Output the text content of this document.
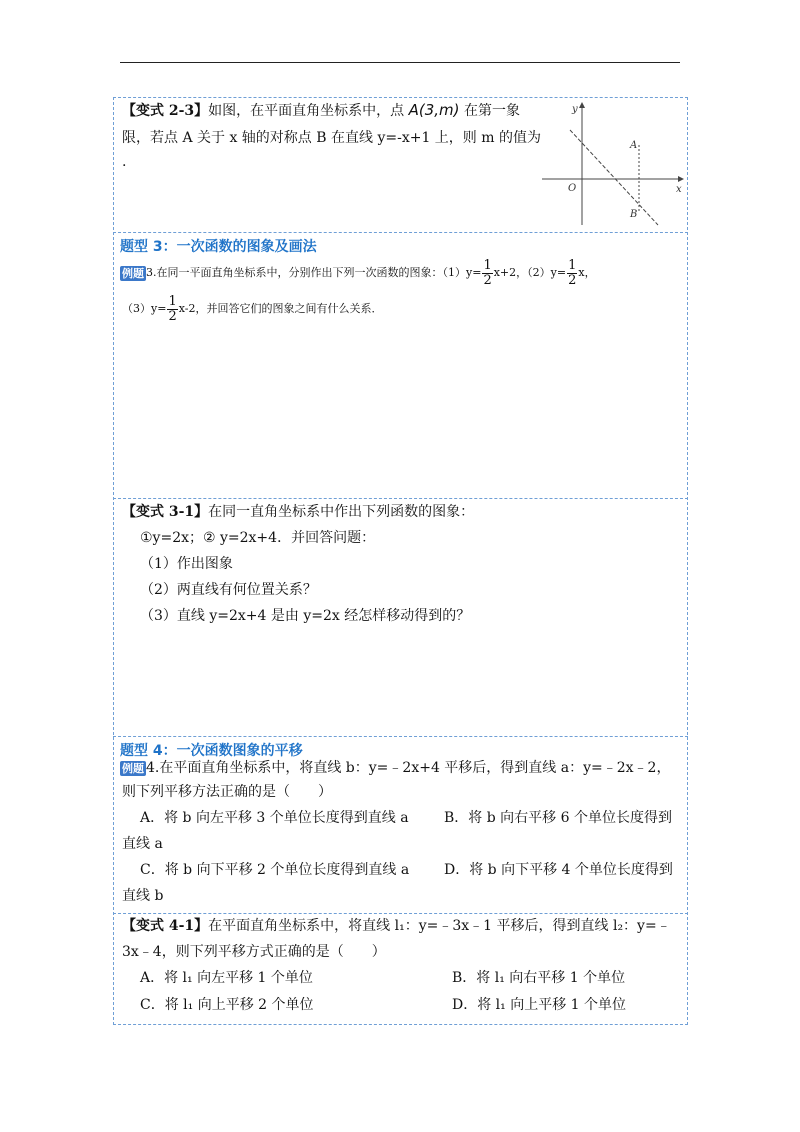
【变式 2-3】如图，在平面直角坐标系中，点 A(3,m) 在第一象
限，若点 A 关于 x 轴的对称点 B 在直线 y=-x+1 上，则 m 的值为
.
y
x
O
A
B
题型 3：一次函数的图象及画法
例题 3.在同一平面直角坐标系中，分别作出下列一次函数的图象：$(1)y= \frac{1}{2} x+2$，$(2)y= \frac{1}{2}$ x，
$(3)y= \frac{1}{2} x-2$，并回答它们的图象之间有什么关系．
【变式 3-1】在同一直角坐标系中作出下列函数的图象：
①y=2x；② y=2x+4．并回答问题：
（1）作出图象
（2）两直线有何位置关系？
（3）直线 y=2x+4 是由 y=2x 经怎样移动得到的？
题型 4：一次函数图象的平移
例题 4.在平面直角坐标系中，将直线 b：y=﹣2x+4 平移后，得到直线 a：y=﹣2x﹣2，
则下列平移方法正确的是（　　）
A．将 b 向左平移 3 个单位长度得到直线 a	B．将 b 向右平移 6 个单位长度得到
直线 a
C．将 b 向下平移 2 个单位长度得到直线 a D．将 b 向下平移 4 个单位长度得到
直线 b
【变式 4-1】在平面直角坐标系中，将直线 l₁：y=﹣3x﹣1 平移后，得到直线 l₂：y=﹣
3x﹣4，则下列平移方式正确的是（　　）
A．将 l₁ 向左平移 1 个单位	B．将 l₁ 向右平移 1 个单位
C．将 l₁ 向上平移 2 个单位	D．将 l₁ 向上平移 1 个单位
